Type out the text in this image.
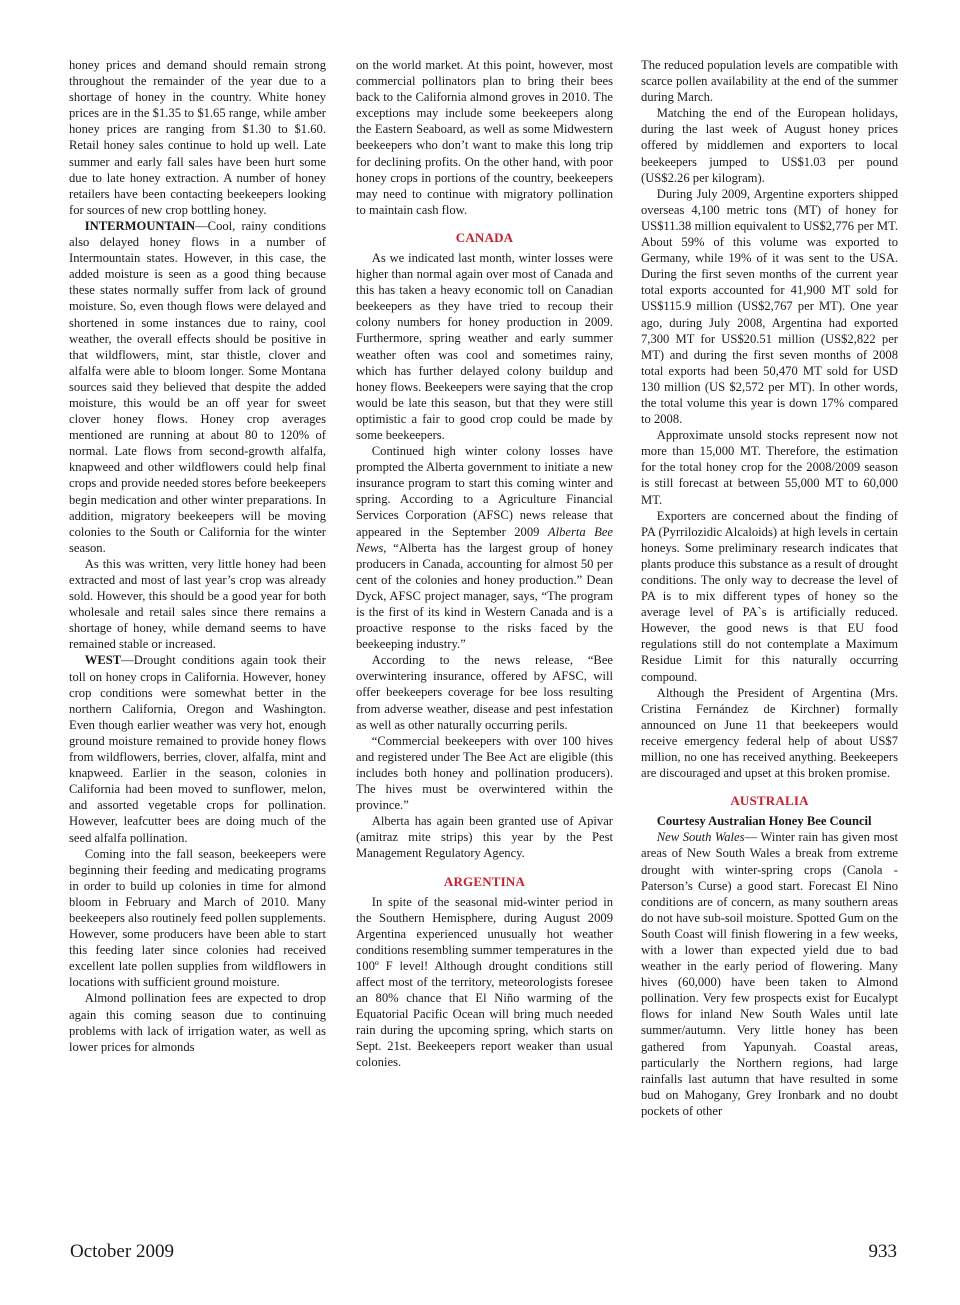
honey prices and demand should remain strong throughout the remainder of the year due to a shortage of honey in the country. White honey prices are in the $1.35 to $1.65 range, while amber honey prices are ranging from $1.30 to $1.60. Retail honey sales continue to hold up well. Late summer and early fall sales have been hurt some due to late honey extraction. A number of honey retailers have been contacting beekeepers looking for sources of new crop bottling honey.

INTERMOUNTAIN—Cool, rainy conditions also delayed honey flows in a number of Intermountain states. However, in this case, the added moisture is seen as a good thing because these states normally suffer from lack of ground moisture. So, even though flows were delayed and shortened in some instances due to rainy, cool weather, the overall effects should be positive in that wildflowers, mint, star thistle, clover and alfalfa were able to bloom longer. Some Montana sources said they believed that despite the added moisture, this would be an off year for sweet clover honey flows. Honey crop averages mentioned are running at about 80 to 120% of normal. Late flows from second-growth alfalfa, knapweed and other wildflowers could help final crops and provide needed stores before beekeepers begin medication and other winter preparations. In addition, migratory beekeepers will be moving colonies to the South or California for the winter season.

As this was written, very little honey had been extracted and most of last year’s crop was already sold. However, this should be a good year for both wholesale and retail sales since there remains a shortage of honey, while demand seems to have remained stable or increased.

WEST—Drought conditions again took their toll on honey crops in California. However, honey crop conditions were somewhat better in the northern California, Oregon and Washington. Even though earlier weather was very hot, enough ground moisture remained to provide honey flows from wildflowers, berries, clover, alfalfa, mint and knapweed. Earlier in the season, colonies in California had been moved to sunflower, melon, and assorted vegetable crops for pollination. However, leafcutter bees are doing much of the seed alfalfa pollination.

Coming into the fall season, beekeepers were beginning their feeding and medicating programs in order to build up colonies in time for almond bloom in February and March of 2010. Many beekeepers also routinely feed pollen supplements. However, some producers have been able to start this feeding later since colonies had received excellent late pollen supplies from wildflowers in locations with sufficient ground moisture.

Almond pollination fees are expected to drop again this coming season due to continuing problems with lack of irrigation water, as well as lower prices for almonds

on the world market. At this point, however, most commercial pollinators plan to bring their bees back to the California almond groves in 2010. The exceptions may include some beekeepers along the Eastern Seaboard, as well as some Midwestern beekeepers who don’t want to make this long trip for declining profits. On the other hand, with poor honey crops in portions of the country, beekeepers may need to continue with migratory pollination to maintain cash flow.

CANADA

As we indicated last month, winter losses were higher than normal again over most of Canada and this has taken a heavy economic toll on Canadian beekeepers as they have tried to recoup their colony numbers for honey production in 2009. Furthermore, spring weather and early summer weather often was cool and sometimes rainy, which has further delayed colony buildup and honey flows. Beekeepers were saying that the crop would be late this season, but that they were still optimistic a fair to good crop could be made by some beekeepers.

Continued high winter colony losses have prompted the Alberta government to initiate a new insurance program to start this coming winter and spring. According to a Agriculture Financial Services Corporation (AFSC) news release that appeared in the September 2009 Alberta Bee News, “Alberta has the largest group of honey producers in Canada, accounting for almost 50 per cent of the colonies and honey production.” Dean Dyck, AFSC project manager, says, “The program is the first of its kind in Western Canada and is a proactive response to the risks faced by the beekeeping industry.”

According to the news release, “Bee overwintering insurance, offered by AFSC, will offer beekeepers coverage for bee loss resulting from adverse weather, disease and pest infestation as well as other naturally occurring perils.

“Commercial beekeepers with over 100 hives and registered under The Bee Act are eligible (this includes both honey and pollination producers). The hives must be overwintered within the province.”

Alberta has again been granted use of Apivar (amitraz mite strips) this year by the Pest Management Regulatory Agency.

ARGENTINA

In spite of the seasonal mid-winter period in the Southern Hemisphere, during August 2009 Argentina experienced unusually hot weather conditions resembling summer temperatures in the 100º F level! Although drought conditions still affect most of the territory, meteorologists foresee an 80% chance that El Niño warming of the Equatorial Pacific Ocean will bring much needed rain during the upcoming spring, which starts on Sept. 21st. Beekeepers report weaker than usual colonies.

The reduced population levels are compatible with scarce pollen availability at the end of the summer during March.

Matching the end of the European holidays, during the last week of August honey prices offered by middlemen and exporters to local beekeepers jumped to US$1.03 per pound (US$2.26 per kilogram).

During July 2009, Argentine exporters shipped overseas 4,100 metric tons (MT) of honey for US$11.38 million equivalent to US$2,776 per MT. About 59% of this volume was exported to Germany, while 19% of it was sent to the USA. During the first seven months of the current year total exports accounted for 41,900 MT sold for US$115.9 million (US$2,767 per MT). One year ago, during July 2008, Argentina had exported 7,300 MT for US$20.51 million (US$2,822 per MT) and during the first seven months of 2008 total exports had been 50,470 MT sold for USD 130 million (US $2,572 per MT). In other words, the total volume this year is down 17% compared to 2008.

Approximate unsold stocks represent now not more than 15,000 MT. Therefore, the estimation for the total honey crop for the 2008/2009 season is still forecast at between 55,000 MT to 60,000 MT.

Exporters are concerned about the finding of PA (Pyrrilozidic Alcaloids) at high levels in certain honeys. Some preliminary research indicates that plants produce this substance as a result of drought conditions. The only way to decrease the level of PA is to mix different types of honey so the average level of PA`s is artificially reduced. However, the good news is that EU food regulations still do not contemplate a Maximum Residue Limit for this naturally occurring compound.

Although the President of Argentina (Mrs. Cristina Fernández de Kirchner) formally announced on June 11 that beekeepers would receive emergency federal help of about US$7 million, no one has received anything. Beekeepers are discouraged and upset at this broken promise.

AUSTRALIA

Courtesy Australian Honey Bee Council

New South Wales— Winter rain has given most areas of New South Wales a break from extreme drought with winter-spring crops (Canola - Paterson’s Curse) a good start. Forecast El Nino conditions are of concern, as many southern areas do not have sub-soil moisture. Spotted Gum on the South Coast will finish flowering in a few weeks, with a lower than expected yield due to bad weather in the early period of flowering. Many hives (60,000) have been taken to Almond pollination. Very few prospects exist for Eucalypt flows for inland New South Wales until late summer/autumn. Very little honey has been gathered from Yapunyah. Coastal areas, particularly the Northern regions, had large rainfalls last autumn that have resulted in some bud on Mahogany, Grey Ironbark and no doubt pockets of other

October 2009	933
